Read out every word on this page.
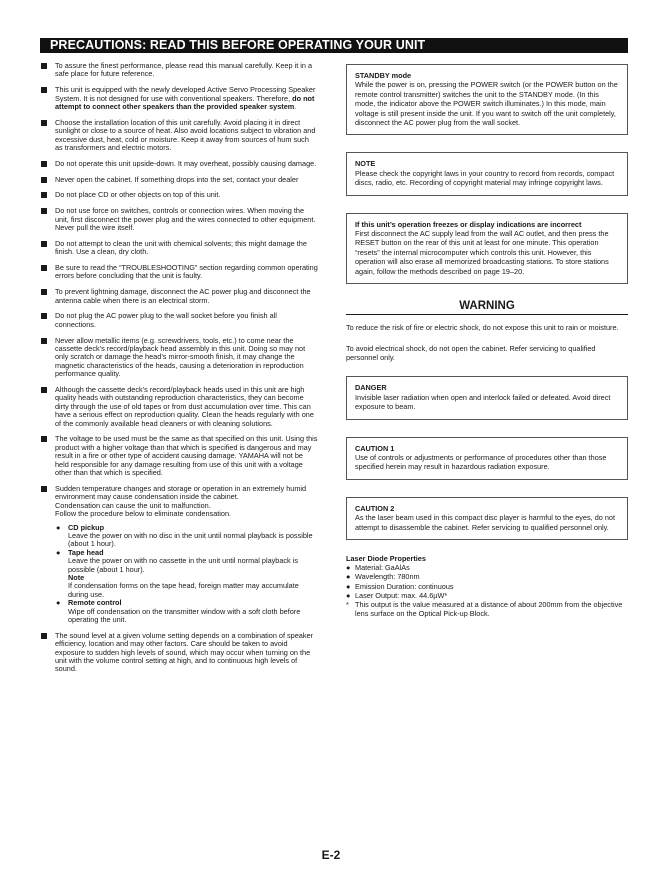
PRECAUTIONS: READ THIS BEFORE OPERATING YOUR UNIT
To assure the finest performance, please read this manual carefully. Keep it in a safe place for future reference.
This unit is equipped with the newly developed Active Servo Processing Speaker System. It is not designed for use with conventional speakers. Therefore, do not attempt to connect other speakers than the provided speaker system.
Choose the installation location of this unit carefully. Avoid placing it in direct sunlight or close to a source of heat. Also avoid locations subject to vibration and excessive dust, heat, cold or moisture. Keep it away from sources of hum such as transformers and electric motors.
Do not operate this unit upside-down. It may overheat, possibly causing damage.
Never open the cabinet. If something drops into the set, contact your dealer
Do not place CD or other objects on top of this unit.
Do not use force on switches, controls or connection wires. When moving the unit, first disconnect the power plug and the wires connected to other equipment. Never pull the wire itself.
Do not attempt to clean the unit with chemical solvents; this might damage the finish. Use a clean, dry cloth.
Be sure to read the “TROUBLESHOOTING” section regarding common operating errors before concluding that the unit is faulty.
To prevent lightning damage, disconnect the AC power plug and disconnect the antenna cable when there is an electrical storm.
Do not plug the AC power plug to the wall socket before you finish all connections.
Never allow metallic items (e.g. screwdrivers, tools, etc.) to come near the cassette deck’s record/playback head assembly in this unit. Doing so may not only scratch or damage the head’s mirror-smooth finish, it may change the magnetic characteristics of the heads, causing a deterioration in reproduction performance quality.
Although the cassette deck’s record/playback heads used in this unit are high quality heads with outstanding reproduction characteristics, they can become dirty through the use of old tapes or from dust accumulation over time. This can have a serious effect on reproduction quality. Clean the heads regularly with one of the commonly available head cleaners or with cleaning solutions.
The voltage to be used must be the same as that specified on this unit. Using this product with a higher voltage than that which is specified is dangerous and may result in a fire or other type of accident causing damage. YAMAHA will not be held responsible for any damage resulting from use of this unit with a voltage other than that which is specified.
Sudden temperature changes and storage or operation in an extremely humid environment may cause condensation inside the cabinet.
Condensation can cause the unit to malfunction.
Follow the procedure below to eliminate condensation.
● CD pickup
Leave the power on with no disc in the unit until normal playback is possible (about 1 hour).
● Tape head
Leave the power on with no cassette in the unit until normal playback is possible (about 1 hour).
Note
If condensation forms on the tape head, foreign matter may accumulate during use.
● Remote control
Wipe off condensation on the transmitter window with a soft cloth before operating the unit.
The sound level at a given volume setting depends on a combination of speaker efficiency, location and may other factors. Care should be taken to avoid exposure to sudden high levels of sound, which may occur when turning on the unit with the volume control setting at high, and to continuous high levels of sound.
STANDBY mode
While the power is on, pressing the POWER switch (or the POWER button on the remote control transmitter) switches the unit to the STANDBY mode. (In this mode, the indicator above the POWER switch illuminates.) In this mode, main voltage is still present inside the unit. If you want to switch off the unit completely, disconnect the AC power plug from the wall socket.
NOTE
Please check the copyright laws in your country to record from records, compact discs, radio, etc. Recording of copyright material may infringe copyright laws.
If this unit’s operation freezes or display indications are incorrect
First disconnect the AC supply lead from the wall AC outlet, and then press the RESET button on the rear of this unit at least for one minute. This operation “resets” the internal microcomputer which controls this unit. However, this operation will also erase all memorized broadcasting stations. To store stations again, follow the methods described on page 19–20.
WARNING
To reduce the risk of fire or electric shock, do not expose this unit to rain or moisture.
To avoid electrical shock, do not open the cabinet. Refer servicing to qualified personnel only.
DANGER
Invisible laser radiation when open and interlock failed or defeated. Avoid direct exposure to beam.
CAUTION 1
Use of controls or adjustments or performance of procedures other than those specified herein may result in hazardous radiation exposure.
CAUTION 2
As the laser beam used in this compact disc player is harmful to the eyes, do not attempt to disassemble the cabinet. Refer servicing to qualified personnel only.
Laser Diode Properties
● Material: GaAlAs
● Wavelength: 780nm
● Emission Duration: continuous
● Laser Output: max. 44.6µW*
* This output is the value measured at a distance of about 200mm from the objective lens surface on the Optical Pick-up Block.
E-2
